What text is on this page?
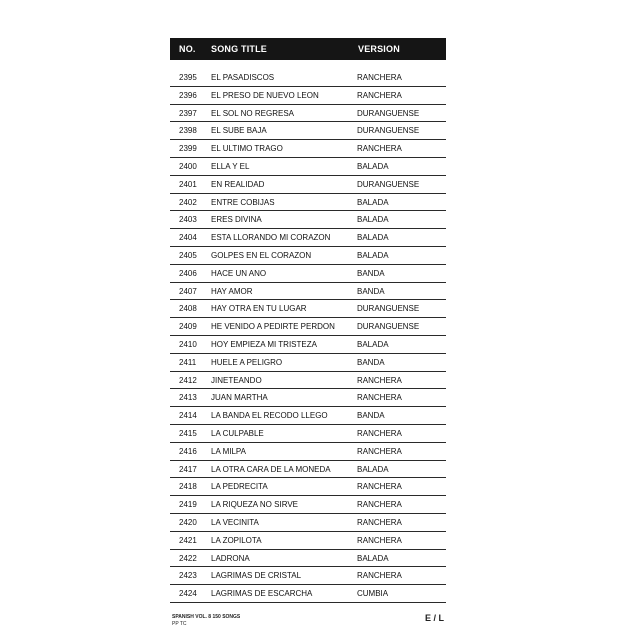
NO. SONG TITLE	VERSION
2395 EL PASADISCOS	RANCHERA
2396 EL PRESO DE NUEVO LEON	RANCHERA
2397 EL SOL NO REGRESA	DURANGUENSE
2398 EL SUBE BAJA	DURANGUENSE
2399 EL ULTIMO TRAGO	RANCHERA
2400 ELLA Y EL	BALADA
2401 EN REALIDAD	DURANGUENSE
2402 ENTRE COBIJAS	BALADA
2403 ERES DIVINA	BALADA
2404 ESTA LLORANDO MI CORAZON	BALADA
2405 GOLPES EN EL CORAZON	BALADA
2406 HACE UN ANO	BANDA
2407 HAY AMOR	BANDA
2408 HAY OTRA EN TU LUGAR	DURANGUENSE
2409 HE VENIDO A PEDIRTE PERDON	DURANGUENSE
2410 HOY EMPIEZA MI TRISTEZA	BALADA
2411 HUELE A PELIGRO	BANDA
2412 JINETEANDO	RANCHERA
2413 JUAN MARTHA	RANCHERA
2414 LA BANDA EL RECODO LLEGO	BANDA
2415 LA CULPABLE	RANCHERA
2416 LA MILPA	RANCHERA
2417 LA OTRA CARA DE LA MONEDA	BALADA
2418 LA PEDRECITA	RANCHERA
2419 LA RIQUEZA NO SIRVE	RANCHERA
2420 LA VECINITA	RANCHERA
2421 LA ZOPILOTA	RANCHERA
2422 LADRONA	BALADA
2423 LAGRIMAS DE CRISTAL	RANCHERA
2424 LAGRIMAS DE ESCARCHA	CUMBIA
SPANISH VOL. 8 150 SONGS
PP TC
E / L
